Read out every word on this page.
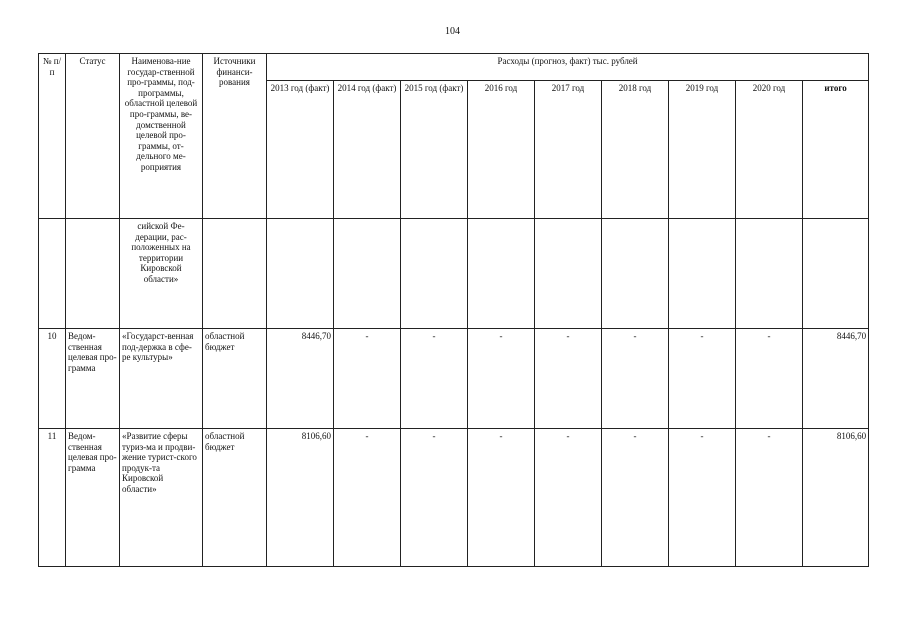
104
№ п/п	Статус	Наименова-ние государ-ственной про-граммы, под-программы, областной целевой про-граммы, ве-домственной целевой про-граммы, от-дельного ме-роприятия	Источники финанси-рования	Расходы (прогноз, факт) тыс. рублей								
				2013 год (факт)	2014 год (факт)	2015 год (факт)	2016 год	2017 год	2018 год	2019 год	2020 год	итого
		сийской Фе-дерации, рас-положенных на территории Кировской области»										
10	Ведом-ственная целевая про-грамма	«Государст-венная под-держка в сфе-ре культуры»	областной бюджет	8446,70	-	-	-	-	-	-	-	8446,70
11	Ведом-ственная целевая про-грамма	«Развитие сферы туриз-ма и продви-жение турист-ского продук-та Кировской области»	областной бюджет	8106,60	-	-	-	-	-	-	-	8106,60
